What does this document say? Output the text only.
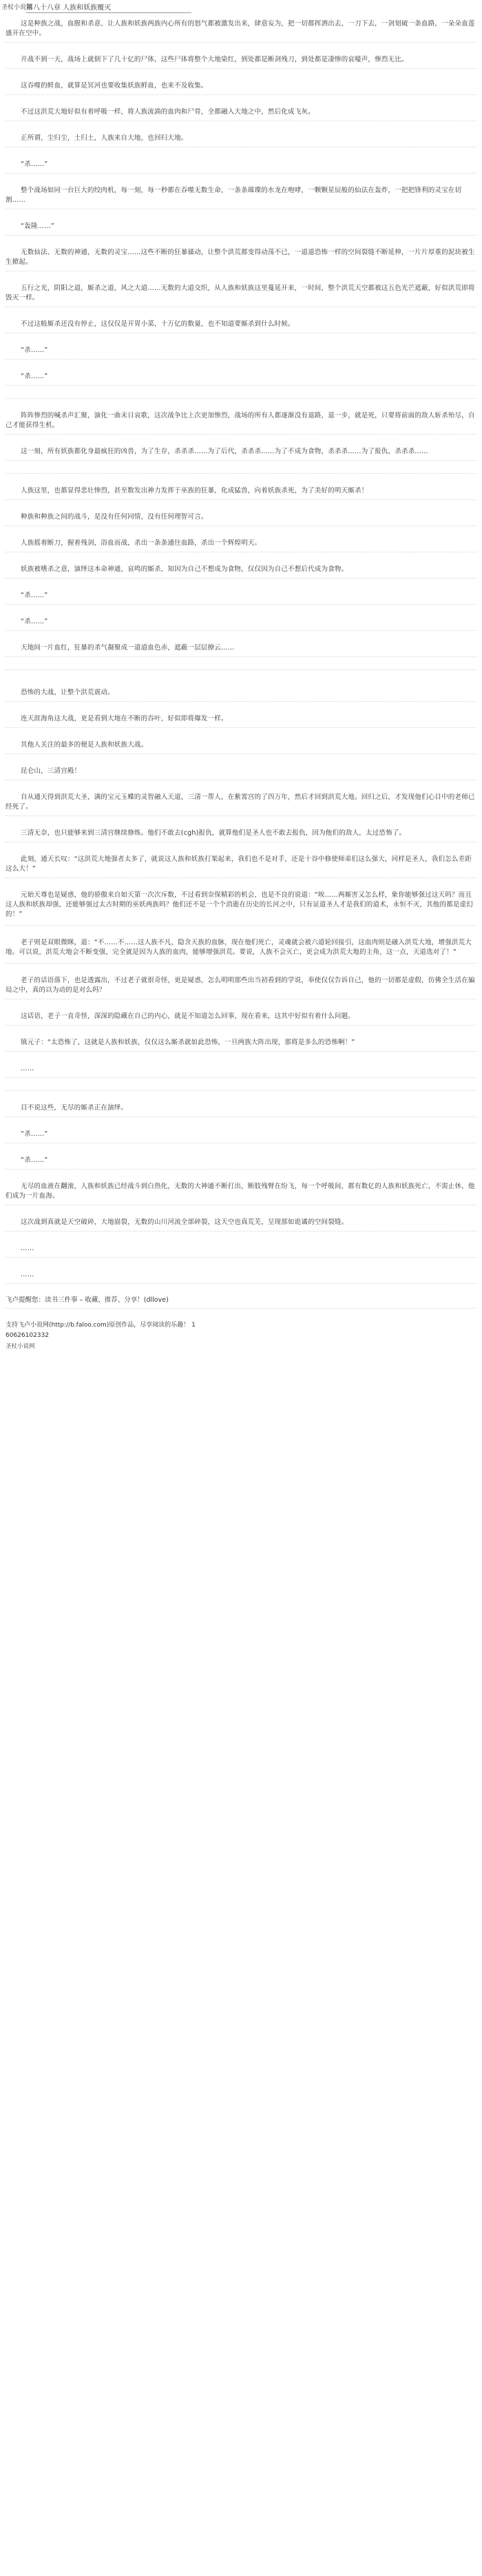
圣杖小说网
第八十八章 人族和妖族覆灭

这是种族之战，血腥和杀意，让人族和妖族两族内心所有的怒气都被激发出来，肆意妄为，把一切都挥洒出去，一刀下去，一剑划破一条血路，一朵朵血莲盛开在空中。

开战不到一天，战场上就倒下了几十亿的尸体，这些尸体将整个大地染红，到处都是断剑残刀，到处都是凄惨的哀嚎声，惨烈无比。

这吞噬的鲜血，就算是冥河也要收集妖族鲜血，也来不及收集。

不过这洪荒大地好似有着呼吸一样，将人族流淌的血肉和尸骨，全都融入大地之中，然后化成飞灰。

正所谓，尘归尘，土归土，人族来自大地，也回归大地。

“杀……”

整个战场如同一台巨大的绞肉机，每一刻，每一秒都在吞噬无数生命，一条条璀璨的水龙在咆哮，一颗颗星辰般的仙法在轰炸，一把把锋利的灵宝在切割……

“轰隆……”

无数仙法、无数的神通，无数的灵宝……这些不断的狂暴骚动，让整个洪荒都变得动荡不已，一道道恐怖一样的空间裂缝不断延伸，一片片厚重的泥块被生生掀起。

五行之光，阴阳之道，厮杀之道，风之大道……无数的大道交织，从人族和妖族这里蔓延开来，一时间，整个洪荒天空都被这五色光芒遮蔽，好似洪荒即将毁灭一样。

不过这般厮杀还没有停止，这仅仅是开胃小菜，十万亿的数量，也不知道要厮杀到什么时候。

“杀……”

“杀……”

阵阵惨烈的喊杀声汇聚，演化一曲末日哀歌，这次战争比上次更加惨烈，战场的所有人都逐渐没有退路，退一步，就是死，只要将前面的敌人斩杀殆尽，自己才能获得生机。

这一刻，所有妖族都化身最疯狂的凶兽，为了生存，杀杀杀……为了后代，杀杀杀……为了不成为食物，杀杀杀……为了报仇，杀杀杀……

人族这里，也都显得悲壮惨烈，甚至数发出神力发挥于巫族的狂暴，化成猛兽，向着妖族杀死，为了美好的明天厮杀！

种族和种族之间的战斗，是没有任何同情，没有任何理智可言。

人族摇着断刀，握着残剑，浴血而战，杀出一条条通往血路，杀出一个辉煌明天。

妖族被嗜杀之意，演绎这本命神通，哀鸣的厮杀，知因为自己不想成为食物，仅仅因为自己不想后代成为食物。

“杀……”

“杀……”

天地间一片血红，狂暴的杀气凝聚成一道道血色赤，遮蔽一层层撩云……

恐怖的大战，让整个洪荒震动。

连天涯海角这大战，更是看到大地在不断的吞叶，好似即将爆发一样。

其他人关注的最多的便是人族和妖族大战。

昆仑山，三清宫殿！

自从通天得到洪荒大圣，满的宝元玉蝶的灵智融入天道，三清一帮人，在紫霄宫的了四万年，然后才回到洪荒大地。回归之后，才发现他们心目中的老师已经死了。

三清无奈，也只能够来到三清宫继续修炼。他们不敢去(cgh)报仇，就算他们是圣人也不敢去报仇，因为他们的敌人，太过恐怖了。

此刻，通天长叹：“这洪荒大地强者太多了，就说这人族和妖族打架起来，我们也不是对手，还是十谷中修使师弟们这么强大，同样是圣人，我们怎么差距这么大！”

元始天尊也是疑惑，他的骄傲来自如天第一次次斥数，不过看到奈保精彩的机会，也是不良的说道：“唉……两厮害又怎么样，象你能够强过这天吗？而且这人族和妖族却强，还能够强过太古时期的巫妖两族吗？他们还不是一个个消逝在历史的长河之中，只有证道圣人才是我们的道术，永恒不灭，其他的都是虚幻的！”

老子则是双眼微眯，道：“不……不……这人族不凡，隐含天族的血脉，现在他们死亡，灵魂就会被六道轮回接引，这血肉则是融入洪荒大地，增强洪荒大地。可以说，洪荒大地会不断变强，完全就是因为人族的血肉，能够增强洪荒。要说，人族不会灭亡，更会成为洪荒大地的主角，这一点，天道选对了！”

老子的话语落下，也是透露出，不过老子就很奇怪，更是疑惑，怎么明明那些出当初看到的学说，奉使仅仅告诉自己，他的一切都是虚假，仿佛全生活在骗局之中，真的以为动的是对么吗？

这话语，老子一直奇怪，深深的隐藏在自己的内心，就是不知道怎么回事，现在看来，这其中好似有着什么问题。

镇元子：“太恐怖了，这就是人族和妖族，仅仅这么厮杀就如此恐怖，一旦两族大阵出现，那将是多么的恐怖啊！”

……

目不说这些，无尽的厮杀正在演绎。

“杀……”

“杀……”

无尽的血液在翻滚，人族和妖族已经战斗到白热化，无数的大神通不断打出，断肢残臂在纷飞，每一个呼吸间，都有数亿的人族和妖族死亡，不需止休，他们成为一片血海。

这次战到真就是天空破碎，大地崩裂，无数的山川河流全部碎裂，这天空也真荒芜，呈现那如诡谲的空间裂缝。

……

……

飞卢提醒您：读书三件事 – 收藏、推荐、分享！(dllove)

支持飞卢小说网(http://b.faloo.com)原创作品，尽享阅读的乐趣！ 1

60626102332

圣杖小说网
